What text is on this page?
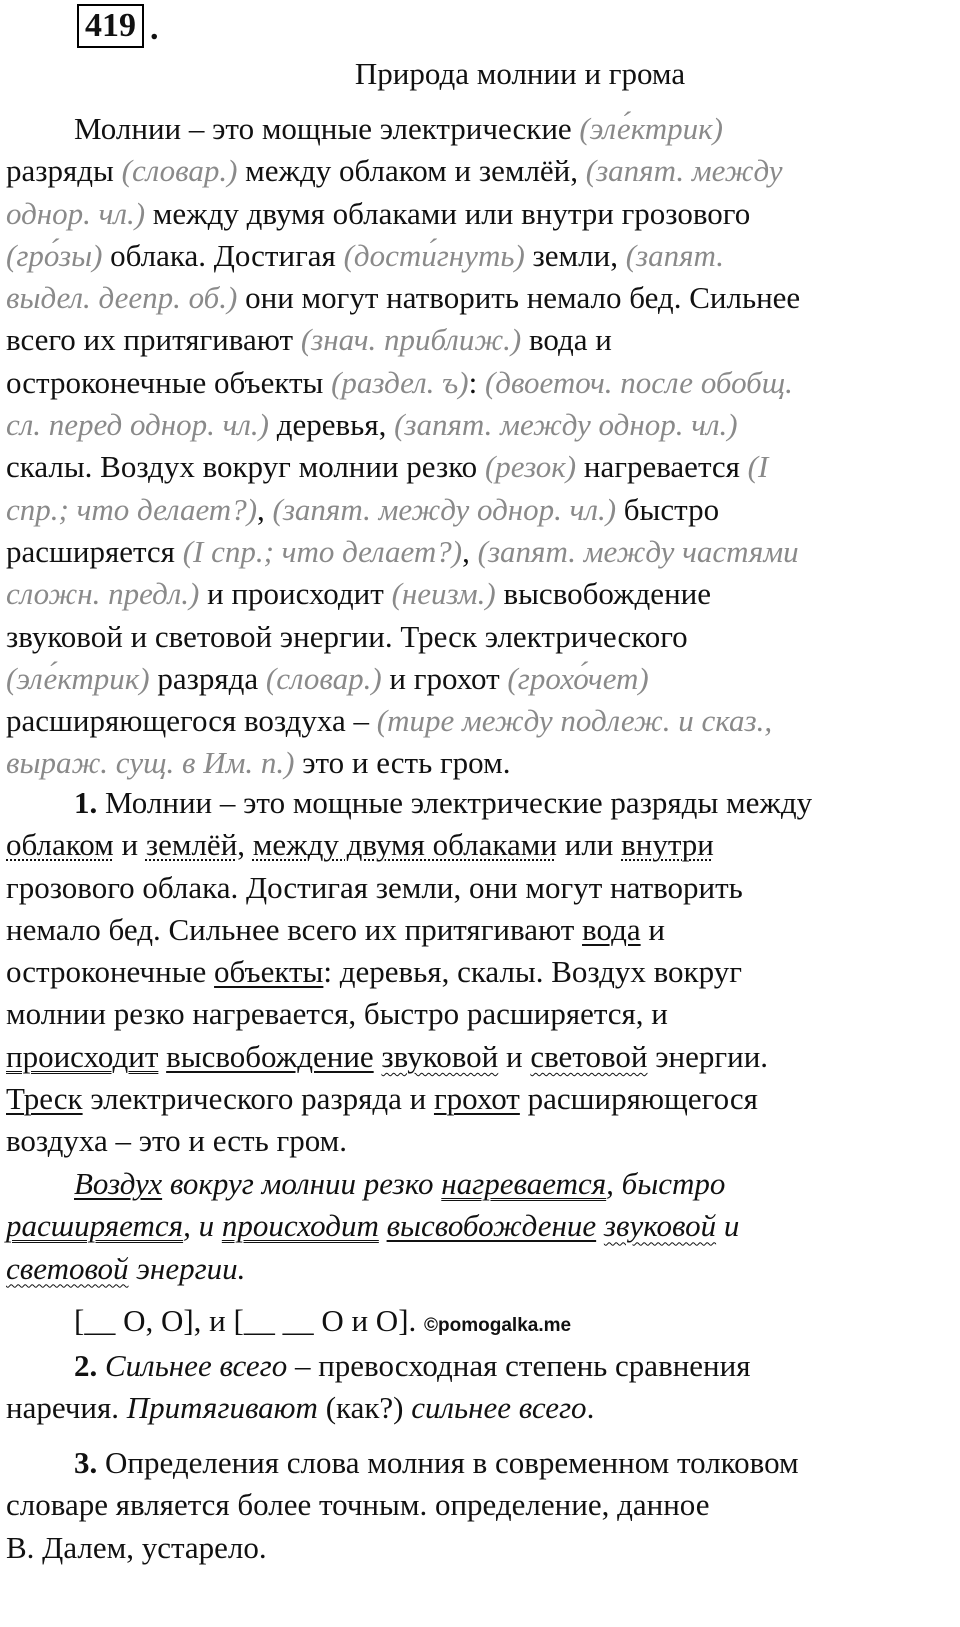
419 .
Природа молнии и грома
Молнии – это мощные электрические (эле́ктрик)
разряды (словар.) между облаком и землёй, (запят. между
однор. чл.) между двумя облаками или внутри грозового
(гро́зы) облака. Достигая (дости́гнуть) земли, (запят.
выдел. деепр. об.) они могут натворить немало бед. Сильнее
всего их притягивают (знач. приближ.) вода и
остроконечные объекты (раздел. ъ): (двоеточ. после обобщ.
сл. перед однор. чл.) деревья, (запят. между однор. чл.)
скалы. Воздух вокруг молнии резко (резок) нагревается (I
спр.; что делает?), (запят. между однор. чл.) быстро
расширяется (I спр.; что делает?), (запят. между частями
сложн. предл.) и происходит (неизм.) высвобождение
звуковой и световой энергии. Треск электрического
(эле́ктрик) разряда (словар.) и грохот (грохо́чет)
расширяющегося воздуха – (тире между подлеж. и сказ.,
выраж. сущ. в Им. п.) это и есть гром.
1. Молнии – это мощные электрические разряды между
облаком и землёй, между двумя облаками или внутри
грозового облака. Достигая земли, они могут натворить
немало бед. Сильнее всего их притягивают вода и
остроконечные объекты: деревья, скалы. Воздух вокруг
молнии резко нагревается, быстро расширяется, и
происходит высвобождение звуковой и световой энергии.
Треск электрического разряда и грохот расширяющегося
воздуха – это и есть гром.
Воздух вокруг молнии резко нагревается, быстро
расширяется, и происходит высвобождение звуковой и
световой энергии.
[__ O, O], и [__ __ O и O]. ©pomogalka.me
2. Сильнее всего – превосходная степень сравнения
наречия. Притягивают (как?) сильнее всего.
3. Определения слова молния в современном толковом
словаре является более точным. определение, данное
В. Далем, устарело.
